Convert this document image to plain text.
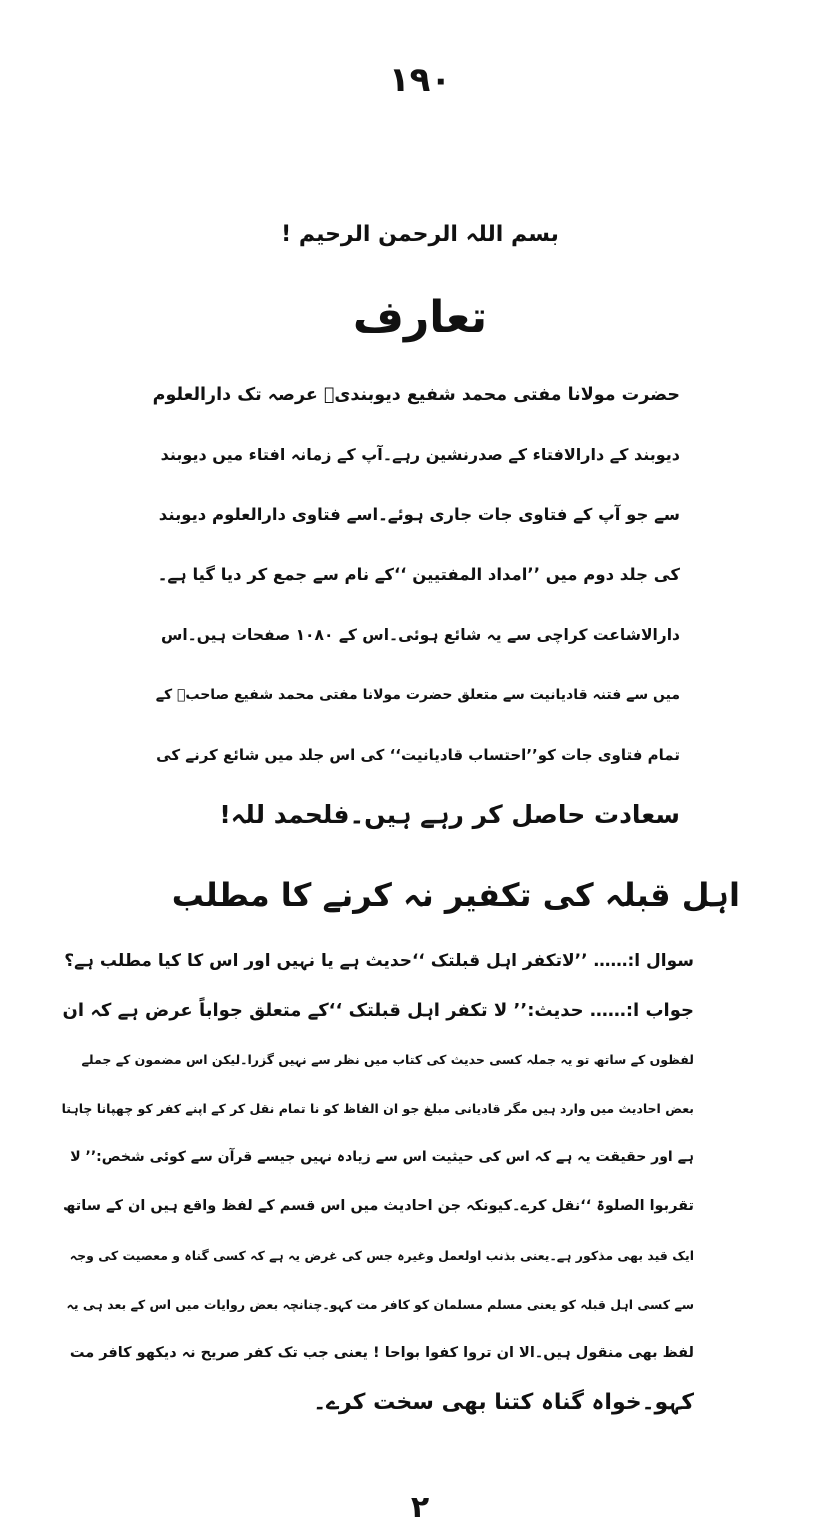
١٩٠
بسم اللہ الرحمن الرحیم !
تعارف
حضرت مولانا مفتی محمد شفیع دیوبندیؒ عرصہ تک دارالعلوم
دیوبند کے دارالافتاء کے صدرنشین رہے۔آپ کے زمانہ افتاء میں دیوبند
سے جو آپ کے فتاوی جات جاری ہوئے۔اسے فتاوی دارالعلوم دیوبند
کی جلد دوم میں ’’امداد المفتیین ‘‘کے نام سے جمع کر دیا گیا ہے۔
دارالاشاعت کراچی سے یہ شائع ہوئی۔اس کے ۱۰۸۰ صفحات ہیں۔اس
میں سے فتنہ قادیانیت سے متعلق حضرت مولانا مفتی محمد شفیع صاحبؒ کے
تمام فتاوی جات کو’’احتساب قادیانیت‘‘ کی اس جلد میں شائع کرنے کی
سعادت حاصل کر رہے ہیں۔فلحمد للہ!
اہل قبلہ کی تکفیر نہ کرنے کا مطلب
سوال ا:…… ’’لاتکفر اہل قبلتک ‘‘حدیث ہے یا نہیں اور اس کا کیا مطلب ہے؟
جواب ا:…… حدیث:’’ لا تکفر اہل قبلتک ‘‘کے متعلق جواباً عرض ہے کہ ان
لفظوں کے ساتھ تو یہ جملہ کسی حدیث کی کتاب میں نظر سے نہیں گزرا۔لیکن اس مضمون کے جملے
بعض احادیث میں وارد ہیں مگر قادیانی مبلغ جو ان الفاظ کو نا تمام نقل کر کے اپنے کفر کو چھپانا چاہتا
ہے اور حقیقت یہ ہے کہ اس کی حیثیت اس سے زیادہ نہیں جیسے قرآن سے کوئی شخص:’’ لا
تقربوا الصلوۃ ‘‘نقل کرے۔کیونکہ جن احادیث میں اس قسم کے لفظ واقع ہیں ان کے ساتھ
ایک قید بھی مذکور ہے۔یعنی بذنب اولعمل وغیرہ جس کی غرض یہ ہے کہ کسی گناہ و معصیت کی وجہ
سے کسی اہل قبلہ کو یعنی مسلم مسلمان کو کافر مت کہو۔چنانچہ بعض روایات میں اس کے بعد ہی یہ
لفظ بھی منقول ہیں۔الا ان تروا کفوا بواحا ! یعنی جب تک کفر صریح نہ دیکھو کافر مت
کہو۔خواہ گناہ کتنا بھی سخت کرے۔
٢
